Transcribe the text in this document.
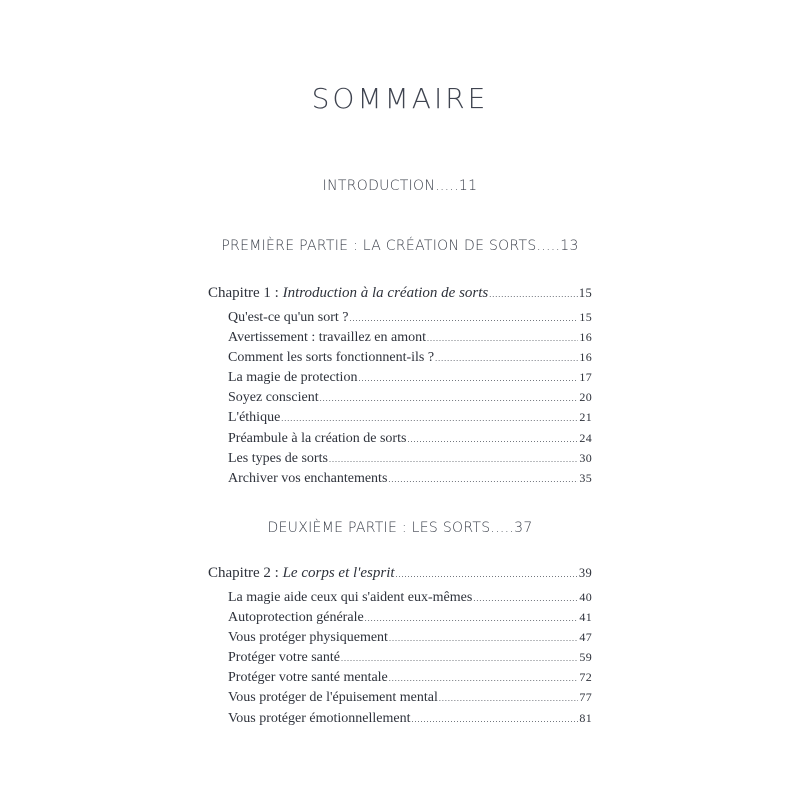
SOMMAIRE
INTRODUCTION.....11
PREMIÈRE PARTIE : LA CRÉATION DE SORTS.....13
Chapitre 1 : Introduction à la création de sorts .....	15
Qu'est-ce qu'un sort ? .....	15
Avertissement : travaillez en amont .....	16
Comment les sorts fonctionnent-ils ? .....	16
La magie de protection .....	17
Soyez conscient .....	20
L'éthique .....	21
Préambule à la création de sorts .....	24
Les types de sorts .....	30
Archiver vos enchantements .....	35
DEUXIÈME PARTIE : LES SORTS.....37
Chapitre 2 : Le corps et l'esprit .....	39
La magie aide ceux qui s'aident eux-mêmes .....	40
Autoprotection générale .....	41
Vous protéger physiquement .....	47
Protéger votre santé .....	59
Protéger votre santé mentale .....	72
Vous protéger de l'épuisement mental .....	77
Vous protéger émotionnellement .....	81
